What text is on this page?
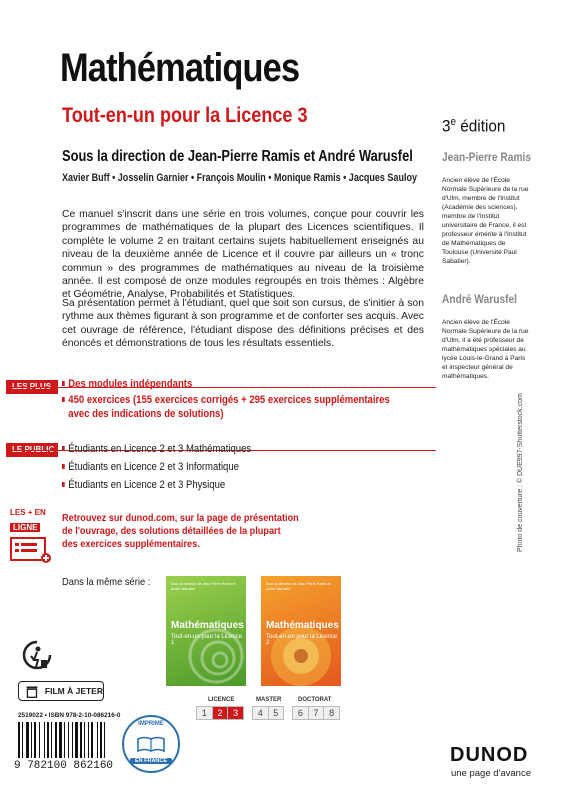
Mathématiques
Tout-en-un pour la Licence 3	3e édition
Sous la direction de Jean-Pierre Ramis et André Warusfel
Xavier Buff • Josselin Garnier • François Moulin • Monique Ramis • Jacques Sauloy
Ce manuel s'inscrit dans une série en trois volumes, conçue pour couvrir les programmes de mathématiques de la plupart des Licences scientifiques. Il complète le volume 2 en traitant certains sujets habituellement enseignés au niveau de la deuxième année de Licence et il couvre par ailleurs un « tronc commun » des programmes de mathématiques au niveau de la troisième année. Il est composé de onze modules regroupés en trois thèmes : Algèbre et Géométrie, Analyse, Probabilités et Statistiques.
Sa présentation permet à l'étudiant, quel que soit son cursus, de s'initier à son rythme aux thèmes figurant à son programme et de conforter ses acquis. Avec cet ouvrage de référence, l'étudiant dispose des définitions précises et des énoncés et démonstrations de tous les résultats essentiels.
Jean-Pierre Ramis
Ancien élève de l'École Normale Supérieure de la rue d'Ulm, membre de l'Institut (Académie des sciences), membre de l'Institut universitaire de France, il est professeur émérite à l'Institut de Mathématiques de Toulouse (Université Paul Sabatier).
André Warusfel
Ancien élève de l'École Normale Supérieure de la rue d'Ulm, il a été professeur de mathématiques spéciales au lycée Louis-le-Grand à Paris et inspecteur général de mathématiques.
Des modules indépendants
450 exercices (155 exercices corrigés + 295 exercices supplémentaires
avec des indications de solutions)
Étudiants en Licence 2 et 3 Mathématiques
Étudiants en Licence 2 et 3 Informatique
Étudiants en Licence 2 et 3 Physique
LES + EN
LIGNE
Retrouvez sur dunod.com, sur la page de présentation
de l'ouvrage, des solutions détaillées de la plupart
des exercices supplémentaires.
Dans la même série :	Sous la direction de Jean-Pierre Ramis et André Warusfel
Mathématiques
Tout-en-un pour la Licence 1
Sous la direction de Jean-Pierre Ramis et André Warusfel
Mathématiques
Tout-en-un pour la Licence 2
FILM À JETER
2519022 • ISBN 978-2-10-086216-0
9 782100 862160
IMPRIMÉ
EN FRANCE
LICENCE	MASTER	DOCTORAT
1	2	3	4	5	6	7	8
DUNOD
une page d'avance
Photo de couverture : © DUE997-Shutterstock.com
